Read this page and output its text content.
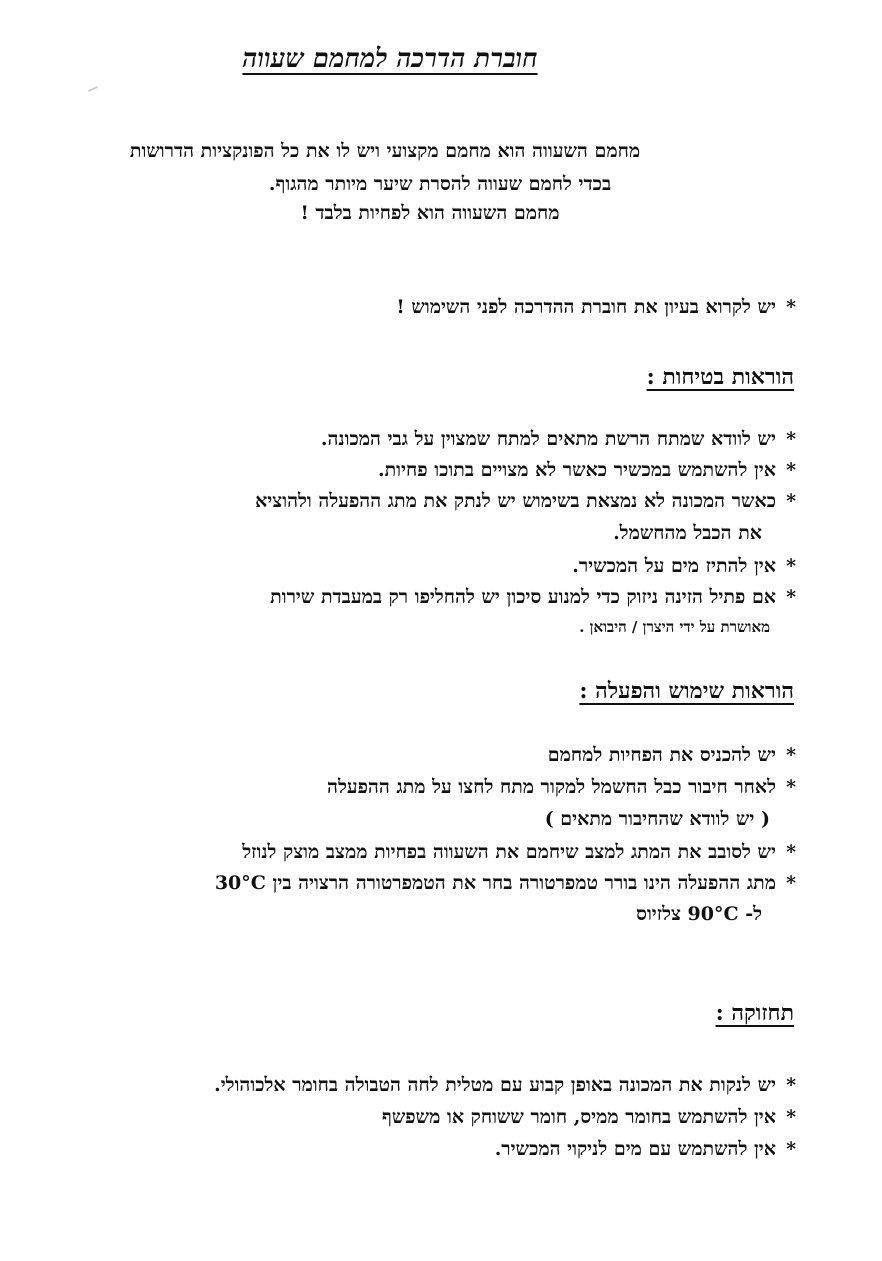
חוברת הדרכה למחמם שעווה
מחמם השעווה הוא מחמם מקצועי ויש לו את כל הפונקציות הדרושות
בכדי לחמם שעווה להסרת שיער מיותר מהגוף.
מחמם השעווה הוא לפחיות בלבד !
*יש לקרוא בעיון את חוברת ההדרכה לפני השימוש !
הוראות בטיחות :
*יש לוודא שמתח הרשת מתאים למתח שמצוין על גבי המכונה.
*אין להשתמש במכשיר כאשר לא מצויים בתוכו פחיות.
*כאשר המכונה לא נמצאת בשימוש יש לנתק את מתג ההפעלה ולהוציא
את הכבל מהחשמל.
*אין להתיז מים על המכשיר.
*אם פתיל הזינה ניזוק כדי למנוע סיכון יש להחליפו רק במעבדת שירות
מאושרת על ידי היצרן / היבואן .
הוראות שימוש והפעלה :
*יש להכניס את הפחיות למחמם
*לאחר חיבור כבל החשמל למקור מתח לחצו על מתג ההפעלה
( יש לוודא שהחיבור מתאים )
*יש לסובב את המתג למצב שיחמם את השעווה בפחיות ממצב מוצק לנוזל
*מתג ההפעלה הינו בורר טמפרטורה בחר את הטמפרטורה הרצויה בין 30°C
ל- 90°C צלזיוס
תחזוקה :
*יש לנקות את המכונה באופן קבוע עם מטלית לחה הטבולה בחומר אלכוהולי.
*אין להשתמש בחומר ממיס, חומר ששוחק או משפשף
*אין להשתמש עם מים לניקוי המכשיר.
